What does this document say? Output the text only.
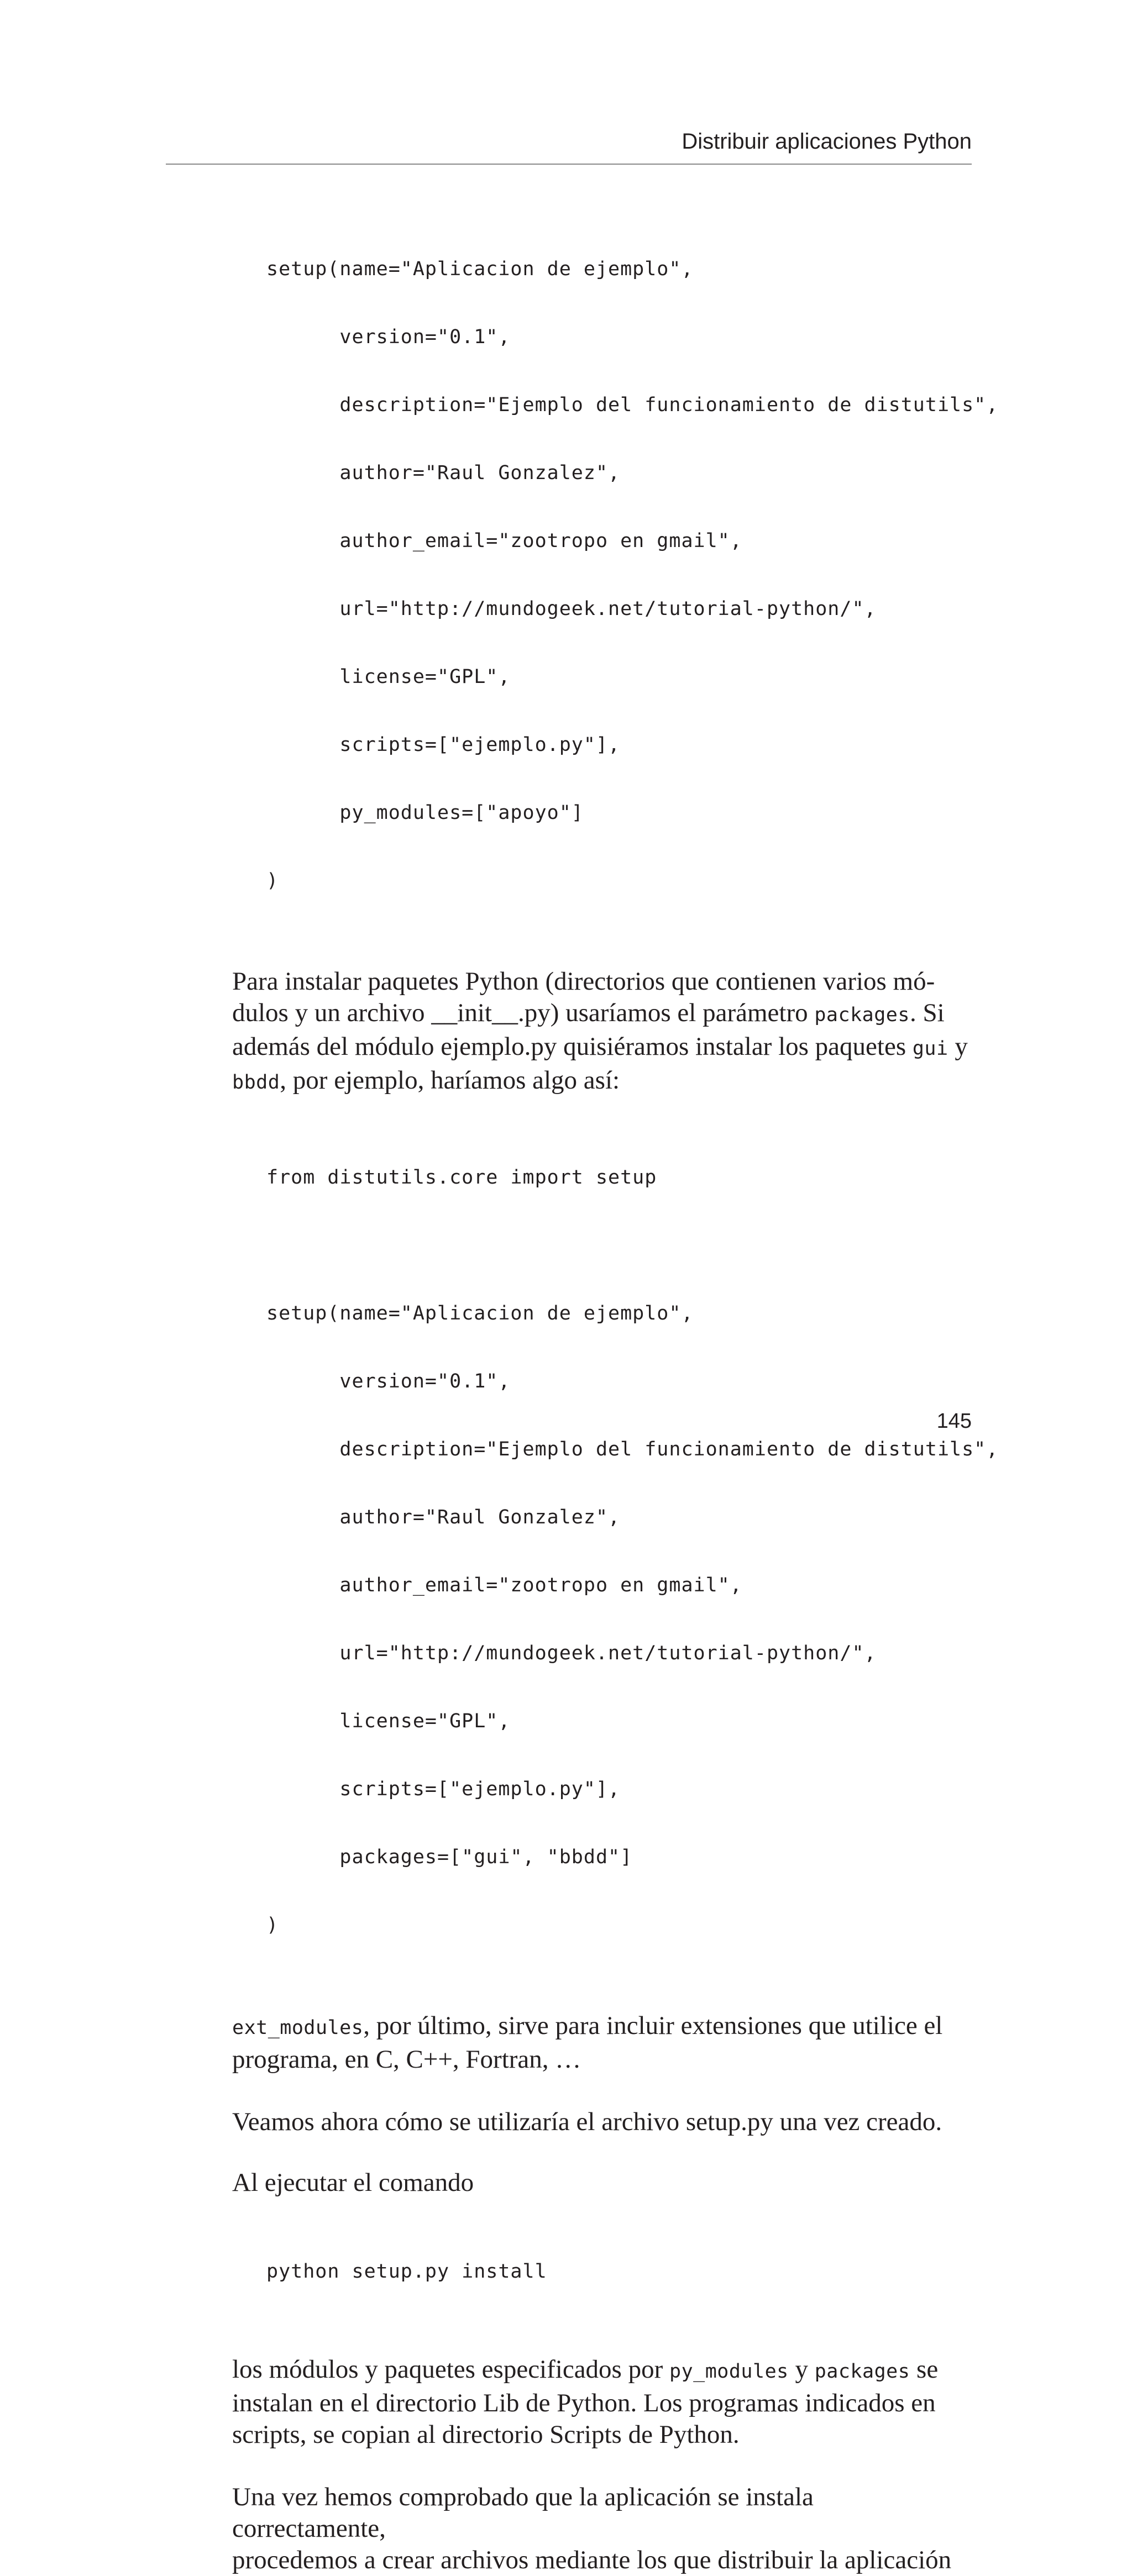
Distribuir aplicaciones Python

setup(name="Aplicacion de ejemplo",

version="0.1",

description="Ejemplo del funcionamiento de distutils",

author="Raul Gonzalez",

author_email="zootropo en gmail",

url="http://mundogeek.net/tutorial-python/",

license="GPL",

scripts=["ejemplo.py"],

py_modules=["apoyo"]

)

Para instalar paquetes Python (directorios que contienen varios mó-
dulos y un archivo __init__.py) usaríamos el parámetro packages. Si
además del módulo ejemplo.py quisiéramos instalar los paquetes gui y
bbdd, por ejemplo, haríamos algo así:

from distutils.core import setup

setup(name="Aplicacion de ejemplo",

version="0.1",

description="Ejemplo del funcionamiento de distutils",

author="Raul Gonzalez",

author_email="zootropo en gmail",

url="http://mundogeek.net/tutorial-python/",

license="GPL",

scripts=["ejemplo.py"],

packages=["gui", "bbdd"]

)

ext_modules, por último, sirve para incluir extensiones que utilice el
programa, en C, C++, Fortran, …

Veamos ahora cómo se utilizaría el archivo setup.py una vez creado.

Al ejecutar el comando

python setup.py install

los módulos y paquetes especificados por py_modules y packages se
instalan en el directorio Lib de Python. Los programas indicados en
scripts, se copian al directorio Scripts de Python.

Una vez hemos comprobado que la aplicación se instala correctamente,
procedemos a crear archivos mediante los que distribuir la aplicación

145
